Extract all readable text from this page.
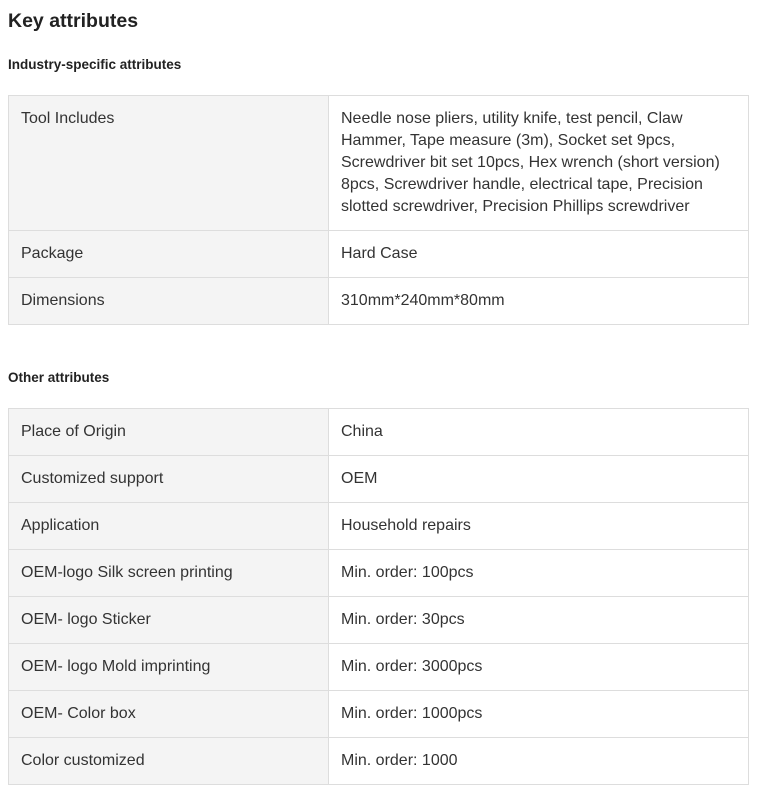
Key attributes
Industry-specific attributes
Tool Includes	Needle nose pliers, utility knife, test pencil, Claw Hammer, Tape measure (3m), Socket set 9pcs, Screwdriver bit set 10pcs, Hex wrench (short version) 8pcs, Screwdriver handle, electrical tape, Precision slotted screwdriver, Precision Phillips screwdriver
Package	Hard Case
Dimensions	310mm*240mm*80mm
Other attributes
Place of Origin	China
Customized support	OEM
Application	Household repairs
OEM-logo Silk screen printing	Min. order: 100pcs
OEM- logo Sticker	Min. order: 30pcs
OEM- logo Mold imprinting	Min. order: 3000pcs
OEM- Color box	Min. order: 1000pcs
Color customized	Min. order: 1000
